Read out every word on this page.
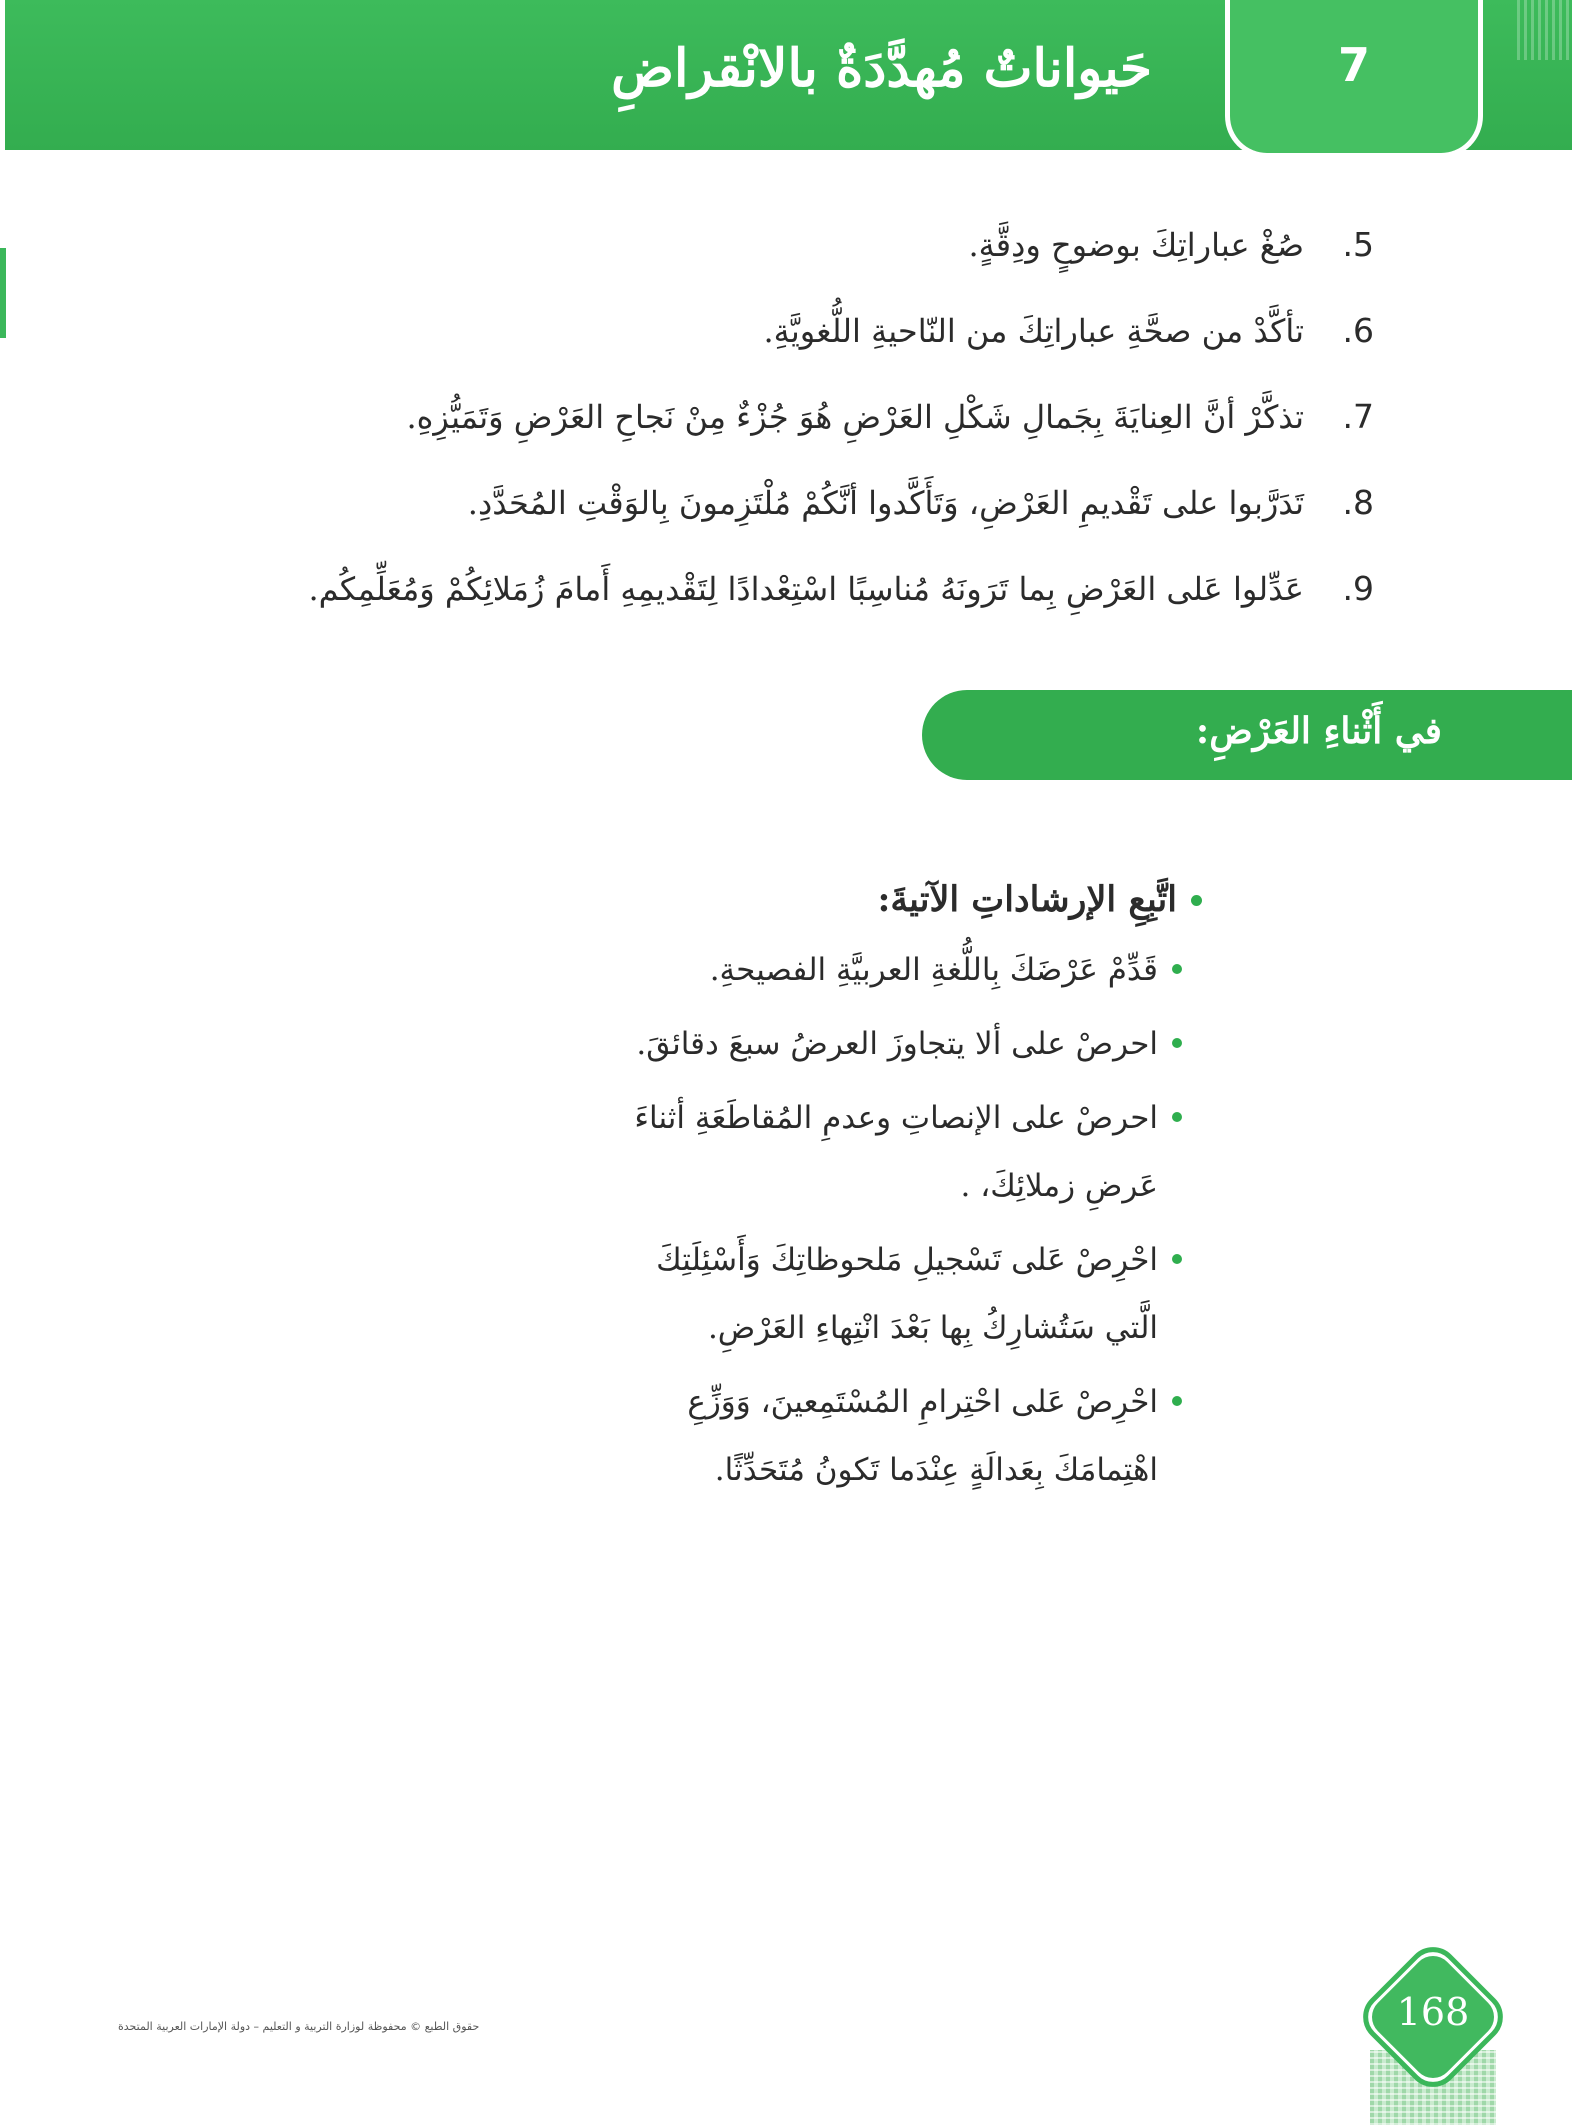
حَيواناتٌ مُهدَّدَةٌ بالانْقراضِ	7
5.
صُغْ عباراتِكَ بوضوحٍ ودِقَّةٍ.
6.
تأكَّدْ من صحَّةِ عباراتِكَ من النّاحيةِ اللُّغويَّةِ.
7.
تذكَّرْ أنَّ العِنايَةَ بِجَمالِ شَكْلِ العَرْضِ هُوَ جُزْءٌ مِنْ نَجاحِ العَرْضِ وَتَمَيُّزِهِ.
8.
تَدَرَّبوا على تَقْديمِ العَرْضِ، وَتَأَكَّدوا أنَّكُمْ مُلْتَزِمونَ بِالوَقْتِ المُحَدَّدِ.
9.
عَدِّلوا عَلى العَرْضِ بِما تَرَونَهُ مُناسِبًا اسْتِعْدادًا لِتَقْديمِهِ أَمامَ زُمَلائِكُمْ وَمُعَلِّمِكُم.
في أَثْناءِ العَرْضِ:
اتَّبِعِ الإرشاداتِ الآتيةَ:
قَدِّمْ عَرْضَكَ بِاللُّغةِ العربيَّةِ الفصيحةِ.
احرصْ على ألا يتجاوزَ العرضُ سبعَ دقائقَ.
احرصْ على الإنصاتِ وعدمِ المُقاطَعَةِ أثناءَ عَرضِ زملائِكَ، .
احْرِصْ عَلى تَسْجيلِ مَلحوظاتِكَ وَأَسْئِلَتِكَ الَّتي سَتُشارِكُ بِها بَعْدَ انْتِهاءِ العَرْضِ.
احْرِصْ عَلى احْتِرامِ المُسْتَمِعينَ، وَوَزِّعِ اهْتِمامَكَ بِعَدالَةٍ عِنْدَما تَكونُ مُتَحَدِّثًا.
حقوق الطبع © محفوظة لوزارة التربية و التعليم – دولة الإمارات العربية المتحدة	168
